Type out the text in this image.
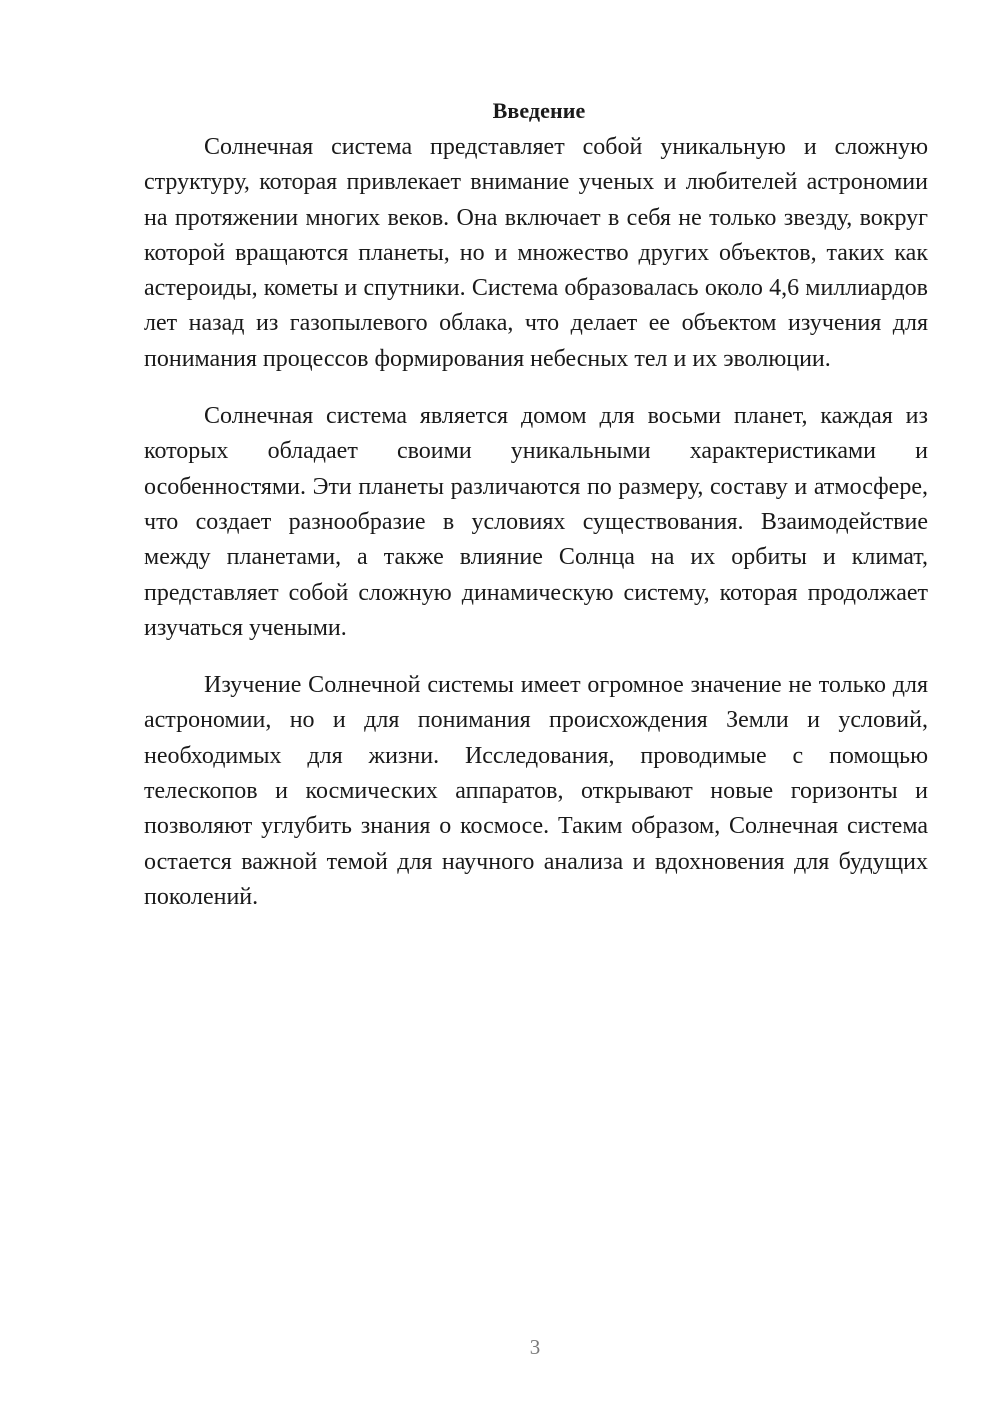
Введение

Солнечная система представляет собой уникальную и сложную структуру, которая привлекает внимание ученых и любителей астрономии на протяжении многих веков. Она включает в себя не только звезду, вокруг которой вращаются планеты, но и множество других объектов, таких как астероиды, кометы и спутники. Система образовалась около 4,6 миллиардов лет назад из газопылевого облака, что делает ее объектом изучения для понимания процессов формирования небесных тел и их эволюции.

Солнечная система является домом для восьми планет, каждая из которых обладает своими уникальными характеристиками и особенностями. Эти планеты различаются по размеру, составу и атмосфере, что создает разнообразие в условиях существования. Взаимодействие между планетами, а также влияние Солнца на их орбиты и климат, представляет собой сложную динамическую систему, которая продолжает изучаться учеными.

Изучение Солнечной системы имеет огромное значение не только для астрономии, но и для понимания происхождения Земли и условий, необходимых для жизни. Исследования, проводимые с помощью телескопов и космических аппаратов, открывают новые горизонты и позволяют углубить знания о космосе. Таким образом, Солнечная система остается важной темой для научного анализа и вдохновения для будущих поколений.

3
